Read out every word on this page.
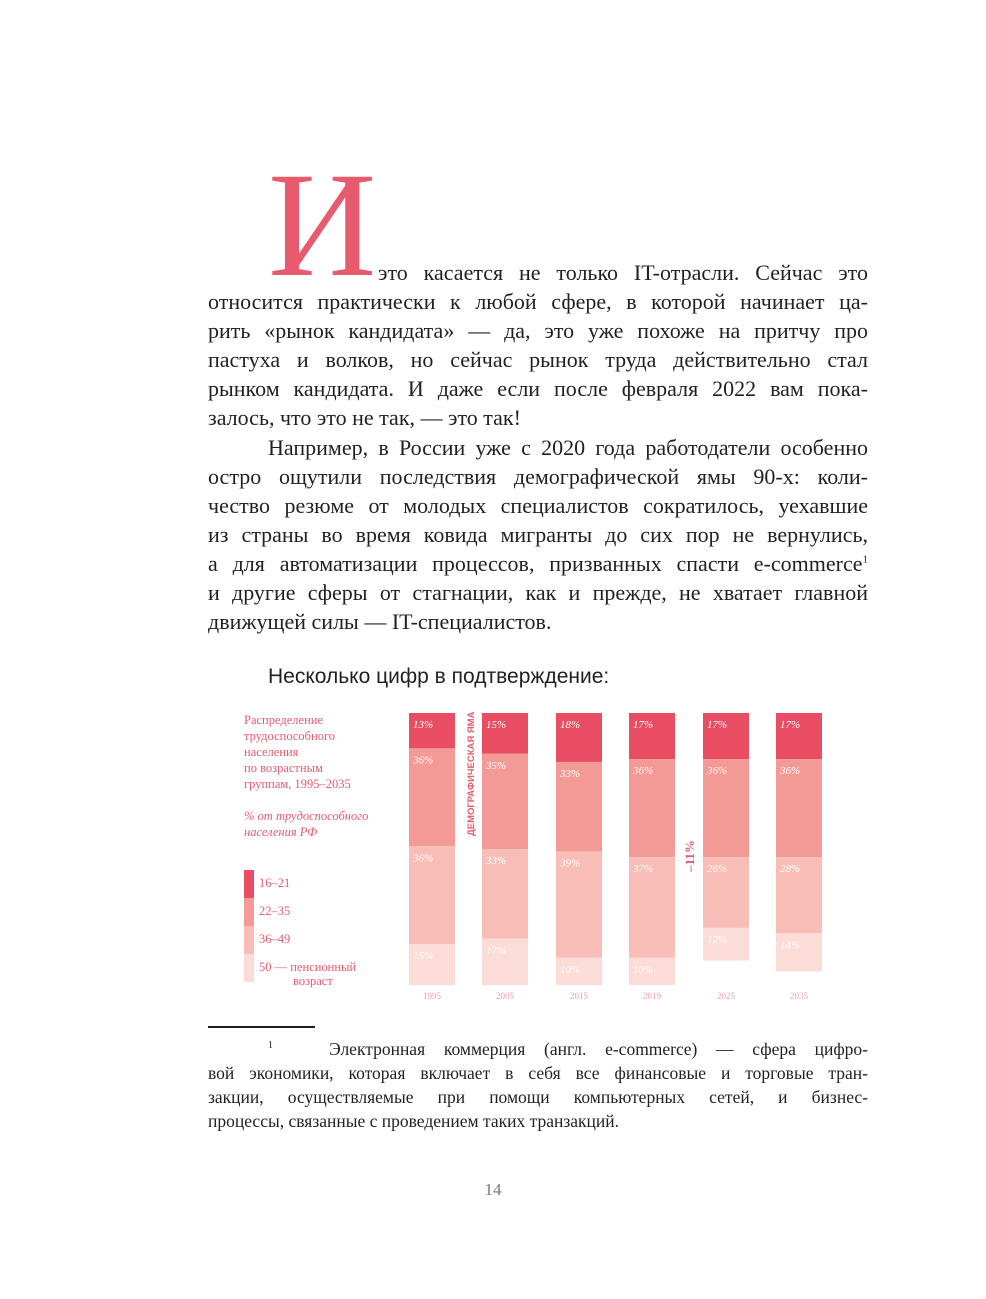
И это касается не только IT-отрасли. Сейчас это
относится практически к любой сфере, в которой начинает ца-
рить «рынок кандидата» — да, это уже похоже на притчу про
пастуха и волков, но сейчас рынок труда действительно стал
рынком кандидата. И даже если после февраля 2022 вам пока-
залось, что это не так, — это так!
Например, в России уже с 2020 года работодатели особенно
остро ощутили последствия демографической ямы 90-х: коли-
чество резюме от молодых специалистов сократилось, уехавшие
из страны во время ковида мигранты до сих пор не вернулись,
а для автоматизации процессов, призванных спасти e-commerce$^1$
и другие сферы от стагнации, как и прежде, не хватает главной
движущей силы — IT-специалистов.
Несколько цифр в подтверждение:
Распределение
трудоспособного
населения
по возрастным
группам, 1995–2035
% от трудоспособного
населения РФ
16–21
22–35
36–49
50 — пенсионный
возраст
13%
36%
36%
15%
1995
15%
35%
33%
17%
2005
18%
33%
39%
10%
2015
17%
36%
37%
10%
2019
17%
36%
26%
12%
2025
17%
36%
28%
14%
2035
ДЕМОГРАФИЧЕСКАЯ ЯМА
–11%
$^1$	Электронная коммерция (англ. e-commerce) — сфера цифро-
вой экономики, которая включает в себя все финансовые и торговые тран-
закции, осуществляемые при помощи компьютерных сетей, и бизнес-
процессы, связанные с проведением таких транзакций.
14
